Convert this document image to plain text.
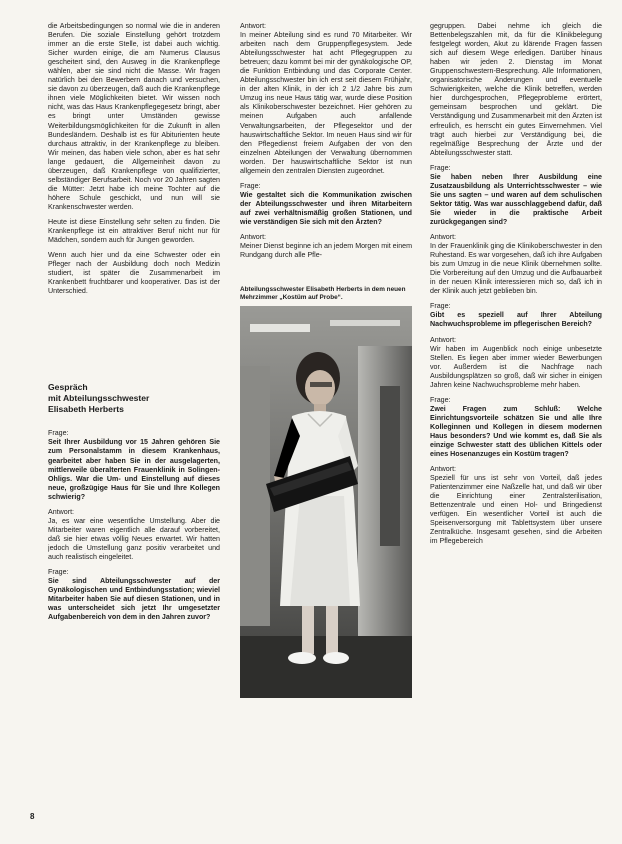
die Arbeitsbedingungen so normal wie die in anderen Berufen. Die soziale Einstellung gehört trotzdem immer an die erste Stelle, ist dabei auch wichtig. Sicher wurden einige, die am Numerus Clausus gescheitert sind, den Ausweg in die Krankenpflege wählen, aber sie sind nicht die Masse. Wir fragen natürlich bei den Bewerbern danach und versuchen, sie davon zu überzeugen, daß auch die Krankenpflege ihnen viele Möglichkeiten bietet. Wir wissen noch nicht, was das Haus Krankenpflegegesetz bringt, aber es bringt unter Umständen gewisse Weiterbildungsmöglichkeiten für die Zukunft in allen Bundesländern. Deshalb ist es für Abiturienten heute durchaus attraktiv, in der Krankenpflege zu bleiben. Wir meinen, das haben viele schon, aber es hat sehr lange gedauert, die Allgemeinheit davon zu überzeugen, daß Krankenpflege von qualifizierter, selbständiger Berufsarbeit. Noch vor 20 Jahren sagten die Mütter: Jetzt habe ich meine Tochter auf die höhere Schule geschickt, und nun will sie Krankenschwester werden.

Heute ist diese Einstellung sehr selten zu finden. Die Krankenpflege ist ein attraktiver Beruf nicht nur für Mädchen, sondern auch für Jungen geworden.

Wenn auch hier und da eine Schwester oder ein Pfleger nach der Ausbildung doch noch Medizin studiert, ist später die Zusammenarbeit im Krankenbett fruchtbarer und kooperativer. Das ist der Unterschied.

Gespräch
mit Abteilungsschwester
Elisabeth Herberts

Frage:

Seit Ihrer Ausbildung vor 15 Jahren gehören Sie zum Personalstamm in diesem Krankenhaus, gearbeitet aber haben Sie in der ausgelagerten, mittlerweile überalterten Frauenklinik in Solingen-Ohligs. War die Um- und Einstellung auf dieses neue, großzügige Haus für Sie und Ihre Kollegen schwierig?

Antwort:

Ja, es war eine wesentliche Umstellung. Aber die Mitarbeiter waren eigentlich alle darauf vorbereitet, daß sie hier etwas völlig Neues erwartet. Wir hatten jedoch die Umstellung ganz positiv verarbeitet und auch realistisch eingeleitet.

Frage:

Sie sind Abteilungsschwester auf der Gynäkologischen und Entbindungsstation; wieviel Mitarbeiter haben Sie auf diesen Stationen, und in was unterscheidet sich jetzt Ihr umgesetzter Aufgabenbereich von dem in den Jahren zuvor?

Antwort:

In meiner Abteilung sind es rund 70 Mitarbeiter. Wir arbeiten nach dem Gruppenpflegesystem. Jede Abteilungsschwester hat acht Pflegegruppen zu betreuen; dazu kommt bei mir der gynäkologische OP, die Funktion Entbindung und das Corporate Center. Abteilungsschwester bin ich erst seit diesem Frühjahr, in der alten Klinik, in der ich 2 1/2 Jahre bis zum Umzug ins neue Haus tätig war, wurde diese Position als Klinikoberschwester bezeichnet. Hier gehören zu meinen Aufgaben auch anfallende Verwaltungsarbeiten, der Pflegesektor und der hauswirtschaftliche Sektor. Im neuen Haus sind wir für den Pflegedienst freiem Aufgaben der von den einzelnen Abteilungen der Verwaltung übernommen worden. Der hauswirtschaftliche Sektor ist nun allgemein den zentralen Diensten zugeordnet.

Frage:

Wie gestaltet sich die Kommunikation zwischen der Abteilungsschwester und ihren Mitarbeitern auf zwei verhältnismäßig großen Stationen, und wie verständigen Sie sich mit den Ärzten?

Antwort:

Meiner Dienst beginne ich an jedem Morgen mit einem Rundgang durch alle Pfle-

Abteilungsschwester Elisabeth Herberts in dem neuen Mehrzimmer „Kostüm auf Probe“.

gegruppen. Dabei nehme ich gleich die Bettenbelegszahlen mit, da für die Klinikbelegung festgelegt worden, Akut zu klärende Fragen fassen sich auf diesem Wege erledigen. Darüber hinaus haben wir jeden 2. Dienstag im Monat Gruppenschwestern-Besprechung. Alle Informationen, organisatorische Änderungen und eventuelle Schwierigkeiten, welche die Klinik betreffen, werden hier durchgesprochen, Pflegeprobleme erörtert, gemeinsam besprochen und geklärt. Die Verständigung und Zusammenarbeit mit den Ärzten ist erfreulich, es herrscht ein gutes Einvernehmen. Viel trägt auch hierbei zur Verständigung bei, die regelmäßige Besprechung der Ärzte und der Abteilungsschwester statt.

Frage:

Sie haben neben Ihrer Ausbildung eine Zusatzausbildung als Unterrichtsschwester – wie Sie uns sagten – und waren auf dem schulischen Sektor tätig. Was war ausschlaggebend dafür, daß Sie wieder in die praktische Arbeit zurückgegangen sind?

Antwort:

In der Frauenklinik ging die Klinikoberschwester in den Ruhestand. Es war vorgesehen, daß ich ihre Aufgaben bis zum Umzug in die neue Klinik übernehmen sollte. Die Vorbereitung auf den Umzug und die Aufbauarbeit in der neuen Klinik interessieren mich so, daß ich in der Klinik auch jetzt geblieben bin.

Frage:

Gibt es speziell auf Ihrer Abteilung Nachwuchsprobleme im pflegerischen Bereich?

Antwort:

Wir haben im Augenblick noch einige unbesetzte Stellen. Es liegen aber immer wieder Bewerbungen vor. Außerdem ist die Nachfrage nach Ausbildungsplätzen so groß, daß wir sicher in einigen Jahren keine Nachwuchsprobleme mehr haben.

Frage:

Zwei Fragen zum Schluß: Welche Einrichtungsvorteile schätzen Sie und alle Ihre Kolleginnen und Kollegen in diesem modernen Haus besonders? Und wie kommt es, daß Sie als einzige Schwester statt des üblichen Kittels oder eines Hosenanzuges ein Kostüm tragen?

Antwort:

Speziell für uns ist sehr von Vorteil, daß jedes Patientenzimmer eine Naßzelle hat, und daß wir über die Einrichtung einer Zentralsterilisation, Bettenzentrale und einen Hol- und Bringedienst verfügen. Ein wesentlicher Vorteil ist auch die Speisenversorgung mit Tablettsystem über unsere Zentralküche. Insgesamt gesehen, sind die Arbeiten im Pflegebereich

8
